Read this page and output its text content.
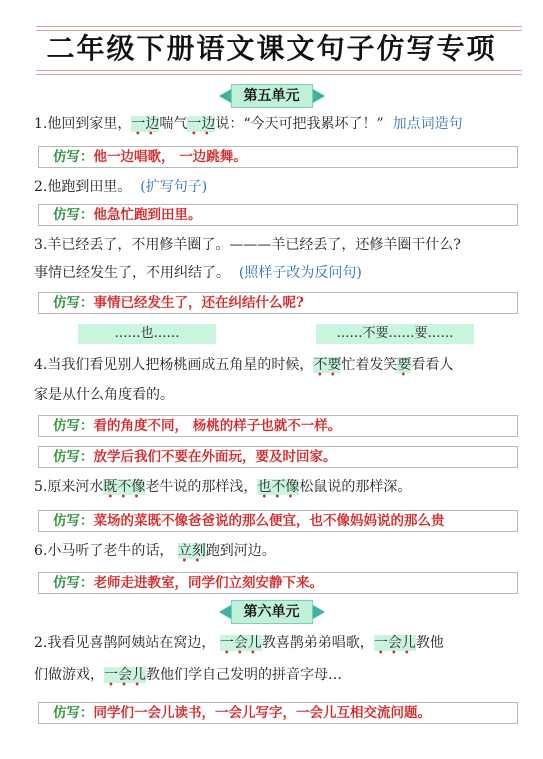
二年级下册语文课文句子仿写专项
第五单元
1.他回到家里，一边
• •
喘气一边
• •
说：“今天可把我累坏了！” 加点词造句
仿写：他一边唱歌， 一边跳舞。
2.他跑到田里。 (扩写句子)
仿写：他急忙跑到田里。
3.羊已经丢了，不用修羊圈了。———羊已经丢了，还修羊圈干什么?
事情已经发生了，不用纠结了。 (照样子改为反问句)
仿写：事情已经发生了，还在纠结什么呢?
……也……	……不要……要……
4.当我们看见别人把杨桃画成五角星的时候，不要
• •
忙着发笑要
•
看看人
家是从什么角度看的。
仿写：看的角度不同， 杨桃的样子也就不一样。
仿写：放学后我们不要在外面玩，要及时回家。
5.原来河水既不像
• • •
老牛说的那样浅，也不像
• • •
松鼠说的那样深。
仿写：菜场的菜既不像爸爸说的那么便宜，也不像妈妈说的那么贵
6.小马听了老牛的话， 立刻
• •
跑到河边。
仿写：老师走进教室，同学们立刻安静下来。
第六单元
2.我看见喜鹊阿姨站在窝边， 一会儿
• • •
教喜鹊弟弟唱歌，一会儿
• • •
教他
们做游戏，一会儿
• • •
教他们学自己发明的拼音字母…
仿写：同学们一会儿读书，一会儿写字，一会儿互相交流问题。
